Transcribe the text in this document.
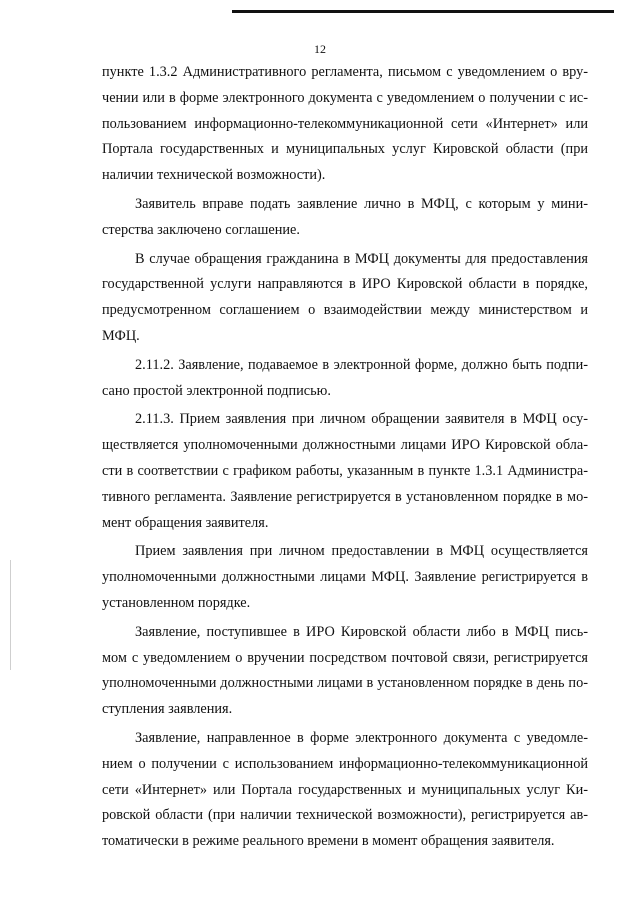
12

пункте 1.3.2 Административного регламента, письмом с уведомлением о вру-
чении или в форме электронного документа с уведомлением о получении с ис-
пользованием информационно-телекоммуникационной сети «Интернет» или
Портала государственных и муниципальных услуг Кировской области (при
наличии технической возможности).

Заявитель вправе подать заявление лично в МФЦ, с которым у мини-
стерства заключено соглашение.

В случае обращения гражданина в МФЦ документы для предоставления
государственной услуги направляются в ИРО Кировской области в порядке,
предусмотренном соглашением о взаимодействии между министерством и
МФЦ.

2.11.2. Заявление, подаваемое в электронной форме, должно быть подпи-
сано простой электронной подписью.

2.11.3. Прием заявления при личном обращении заявителя в МФЦ осу-
ществляется уполномоченными должностными лицами ИРО Кировской обла-
сти в соответствии с графиком работы, указанным в пункте 1.3.1 Администра-
тивного регламента. Заявление регистрируется в установленном порядке в мо-
мент обращения заявителя.

Прием заявления при личном предоставлении в МФЦ осуществляется
уполномоченными должностными лицами МФЦ. Заявление регистрируется в
установленном порядке.

Заявление, поступившее в ИРО Кировской области либо в МФЦ пись-
мом с уведомлением о вручении посредством почтовой связи, регистрируется
уполномоченными должностными лицами в установленном порядке в день по-
ступления заявления.

Заявление, направленное в форме электронного документа с уведомле-
нием о получении с использованием информационно-телекоммуникационной
сети «Интернет» или Портала государственных и муниципальных услуг Ки-
ровской области (при наличии технической возможности), регистрируется ав-
томатически в режиме реального времени в момент обращения заявителя.
